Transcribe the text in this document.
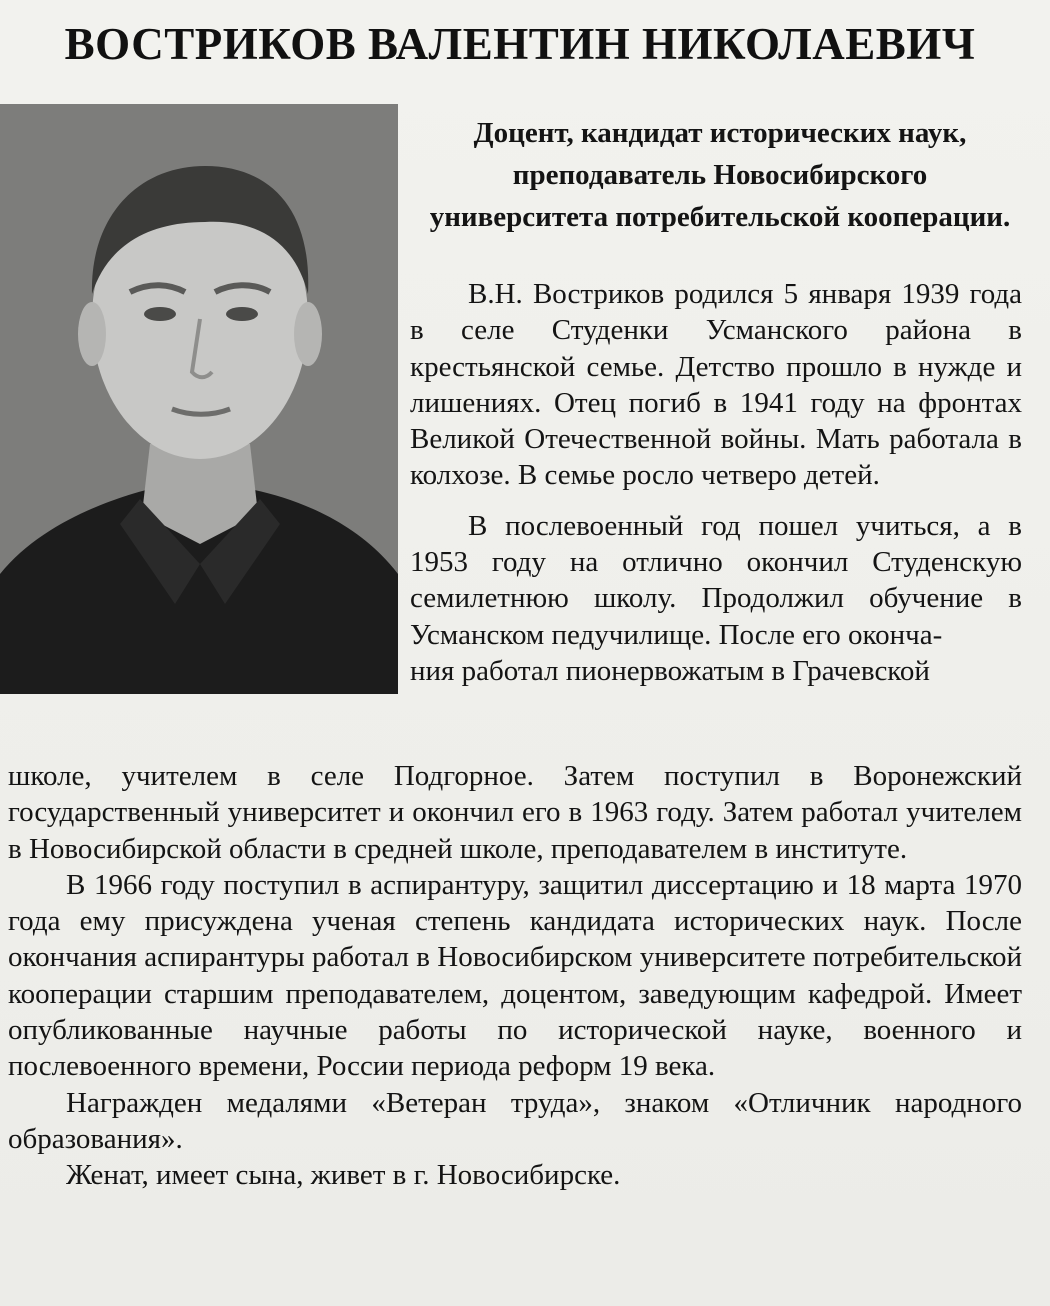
ВОСТРИКОВ ВАЛЕНТИН НИКОЛАЕВИЧ
Доцент, кандидат исторических наук, преподаватель Новосибирского университета потребительской кооперации.

В.Н. Востриков родился 5 января 1939 года в селе Студенки Усманского района в крестьянской семье. Детство прошло в нужде и лишениях. Отец погиб в 1941 году на фронтах Великой Отечественной войны. Мать работала в колхозе. В семье росло четверо детей.

В послевоенный год пошел учиться, а в 1953 году на отлично окончил Студенскую семилетнюю школу. Продолжил обучение в Усманском педучилище. После его оконча-

ния работал пионервожатым в Грачевской

школе, учителем в селе Подгорное. Затем поступил в Воронежский государственный университет и окончил его в 1963 году. Затем работал учителем в Новосибирской области в средней школе, преподавателем в институте.

В 1966 году поступил в аспирантуру, защитил диссертацию и 18 марта 1970 года ему присуждена ученая степень кандидата исторических наук. После окончания аспирантуры работал в Новосибирском университете потребительской кооперации старшим преподавателем, доцентом, заведующим кафедрой. Имеет опубликованные научные работы по исторической науке, военного и послевоенного времени, России периода реформ 19 века.

Награжден медалями «Ветеран труда», знаком «Отличник народного образования».

Женат, имеет сына, живет в г. Новосибирске.
